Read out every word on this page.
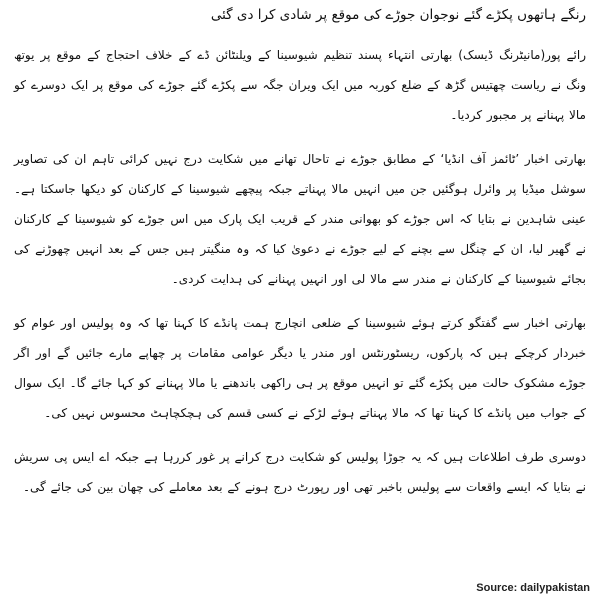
رنگے ہاتھوں پکڑے گئے نوجوان جوڑے کی موقع پر شادی کرا دی گئی

رائے پور(مانیٹرنگ ڈیسک) بھارتی انتہاء پسند تنظیم شیوسینا کے ویلنٹائن ڈے کے خلاف احتجاج کے موقع پر یوتھ ونگ نے ریاست چھتیس گڑھ کے ضلع کوربہ میں ایک ویران جگہ سے پکڑے گئے جوڑے کی موقع پر ایک دوسرے کو مالا پہنانے پر مجبور کردیا۔

بھارتی اخبار ’ٹائمز آف انڈیا‘ کے مطابق جوڑے نے تاحال تھانے میں شکایت درج نہیں کرائی تاہم ان کی تصاویر سوشل میڈیا پر وائرل ہوگئیں جن میں انہیں مالا پہناتے جبکہ پیچھے شیوسینا کے کارکنان کو دیکھا جاسکتا ہے۔ عینی شاہدین نے بتایا کہ اس جوڑے کو بھوانی مندر کے قریب ایک پارک میں اس جوڑے کو شیوسینا کے کارکنان نے گھیر لیا، ان کے چنگل سے بچنے کے لیے جوڑے نے دعویٰ کیا کہ وہ منگیتر ہیں جس کے بعد انہیں چھوڑنے کی بجائے شیوسینا کے کارکنان نے مندر سے مالا لی اور انہیں پہنانے کی ہدایت کردی۔

بھارتی اخبار سے گفتگو کرتے ہوئے شیوسینا کے ضلعی انچارج ہمت پانڈے کا کہنا تھا کہ وہ پولیس اور عوام کو خبردار کرچکے ہیں کہ پارکوں، ریسٹورنٹس اور مندر یا دیگر عوامی مقامات پر چھاپے مارے جائیں گے اور اگر جوڑے مشکوک حالت میں پکڑے گئے تو انہیں موقع پر ہی راکھی باندھنے یا مالا پہنانے کو کہا جائے گا۔ ایک سوال کے جواب میں پانڈے کا کہنا تھا کہ مالا پہناتے ہوئے لڑکے نے کسی قسم کی ہچکچاہٹ محسوس نہیں کی۔

دوسری طرف اطلاعات ہیں کہ یہ جوڑا پولیس کو شکایت درج کرانے پر غور کررہا ہے جبکہ اے ایس پی سریش نے بتایا کہ ایسے واقعات سے پولیس باخبر تھی اور رپورٹ درج ہونے کے بعد معاملے کی چھان بین کی جائے گی۔

Source: dailypakistan
